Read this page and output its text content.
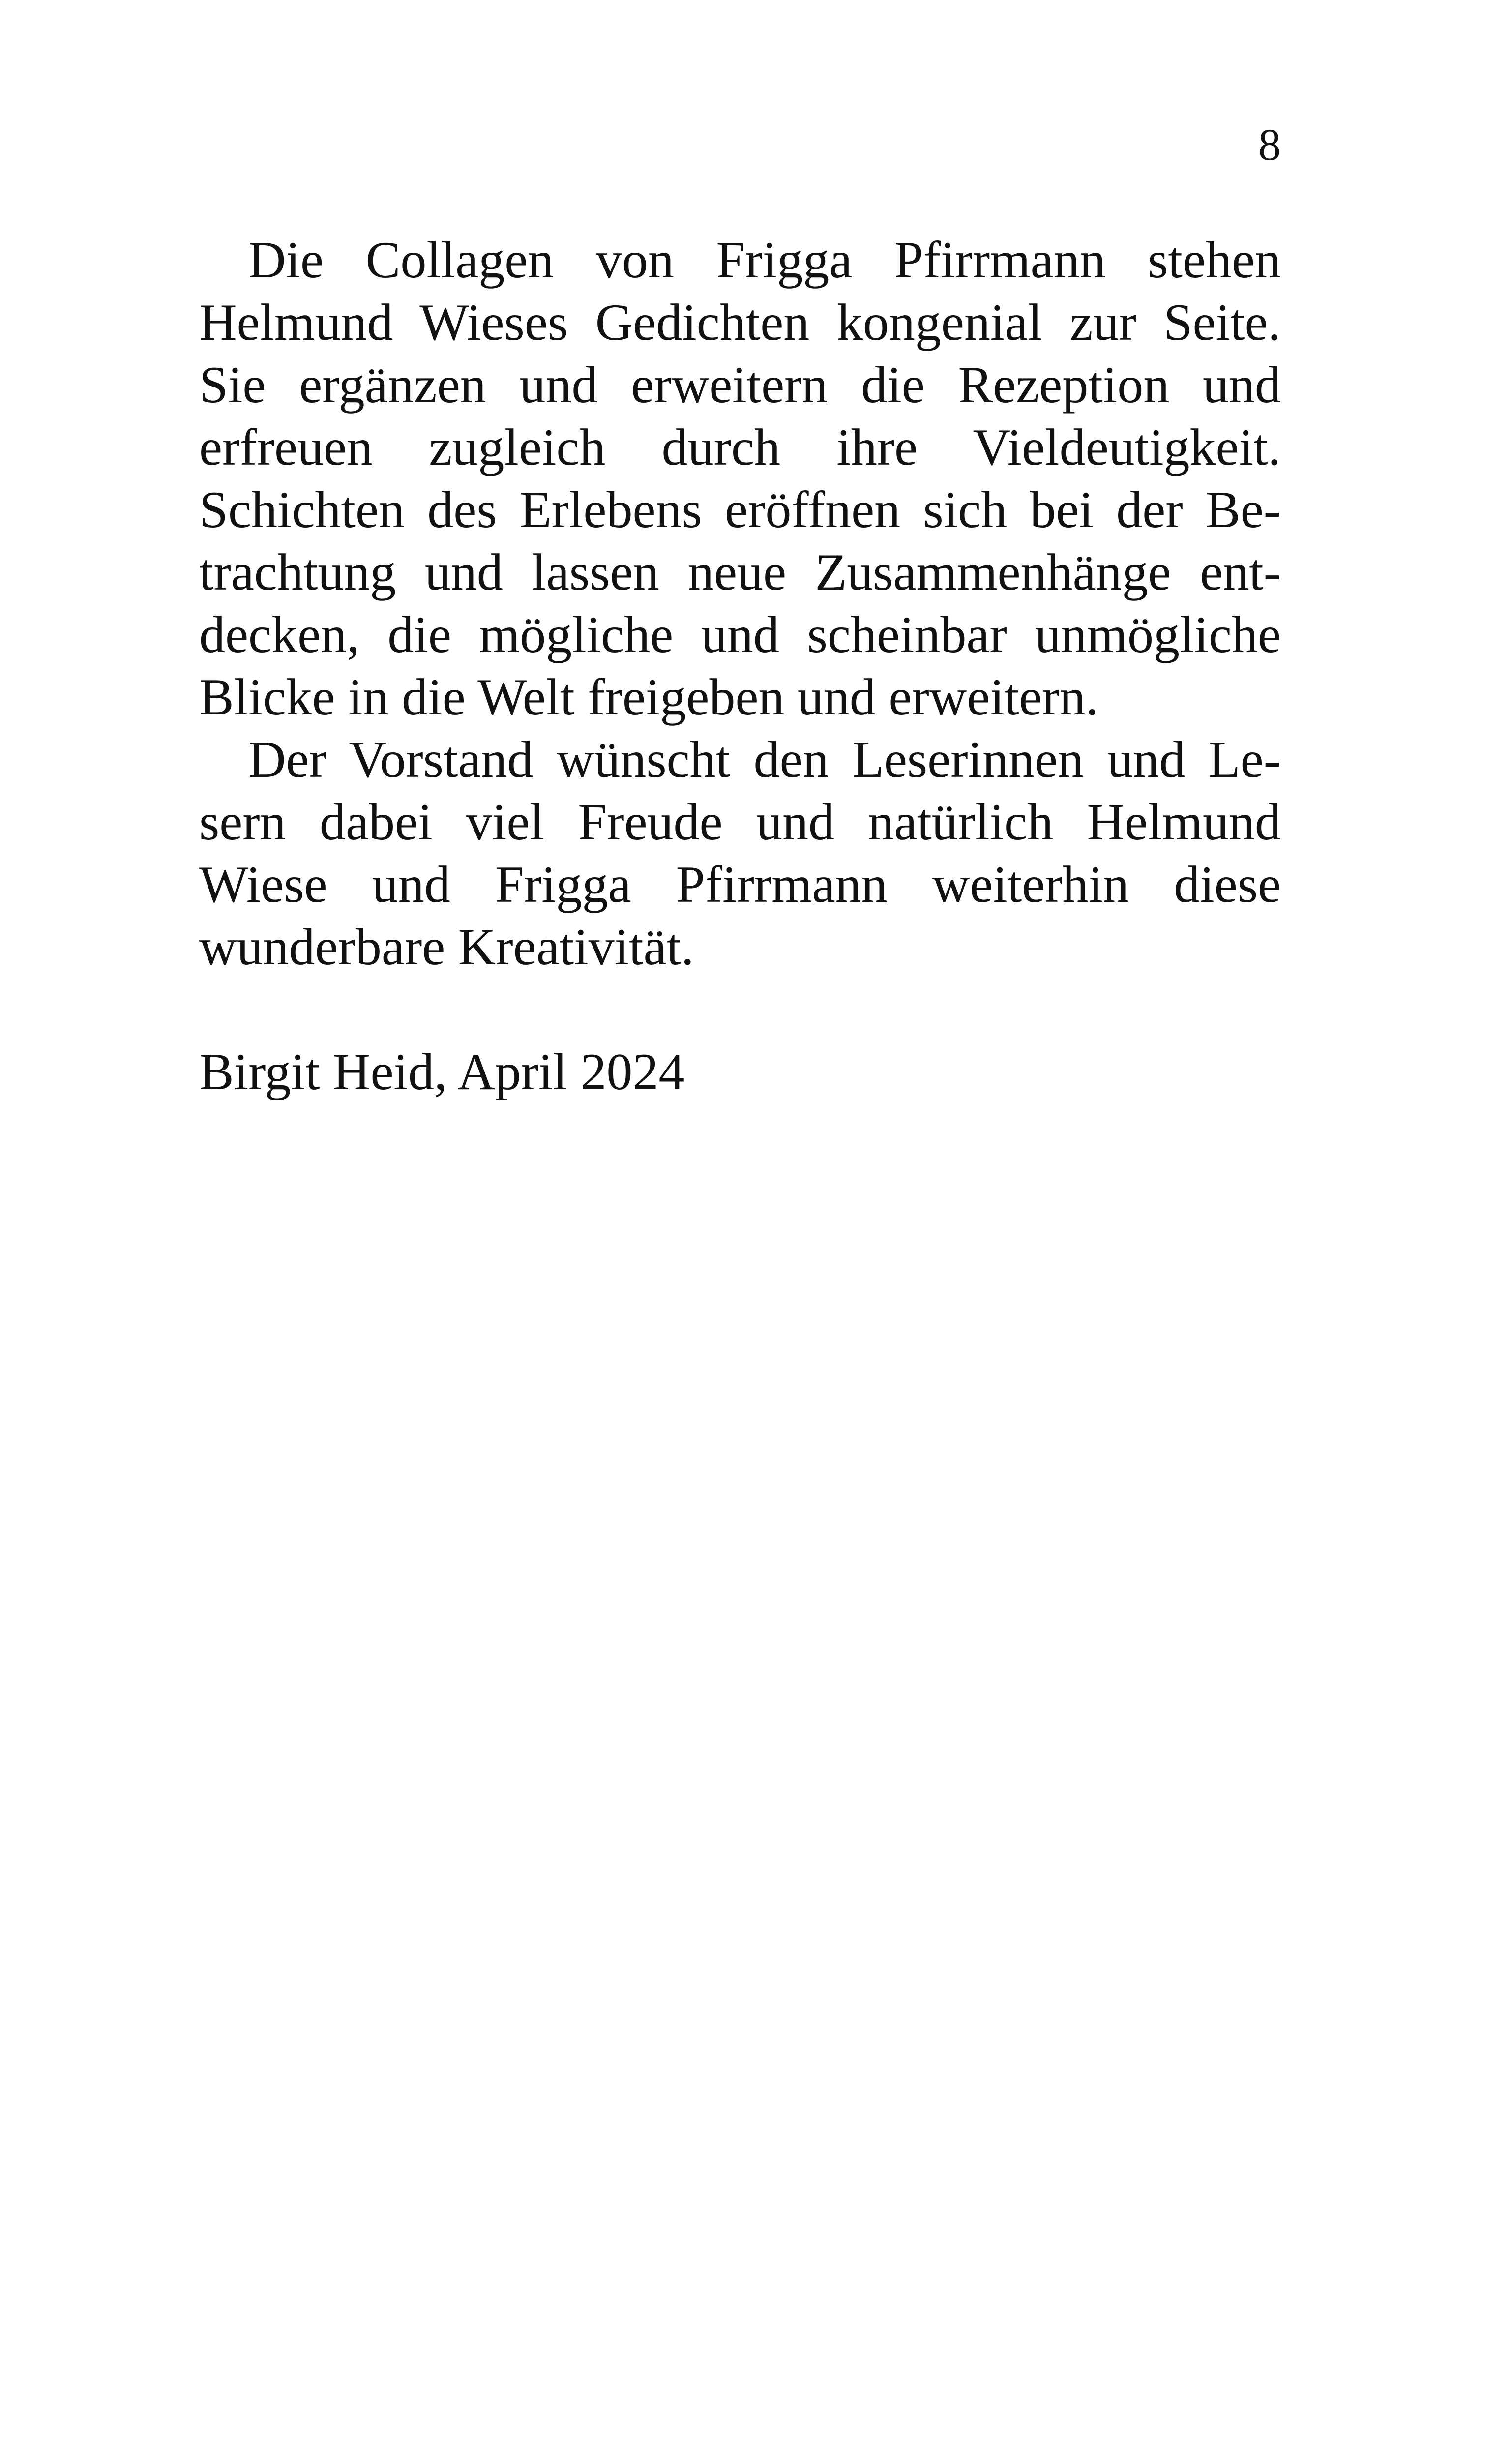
8
Die Collagen von Frigga Pfirrmann stehen
Helmund Wieses Gedichten kongenial zur Seite.
Sie ergänzen und erweitern die Rezeption und
erfreuen zugleich durch ihre Vieldeutigkeit.
Schichten des Erlebens eröffnen sich bei der Be-
trachtung und lassen neue Zusammenhänge ent-
decken, die mögliche und scheinbar unmögliche
Blicke in die Welt freigeben und erweitern.
Der Vorstand wünscht den Leserinnen und Le-
sern dabei viel Freude und natürlich Helmund
Wiese und Frigga Pfirrmann weiterhin diese
wunderbare Kreativität.
Birgit Heid, April 2024
